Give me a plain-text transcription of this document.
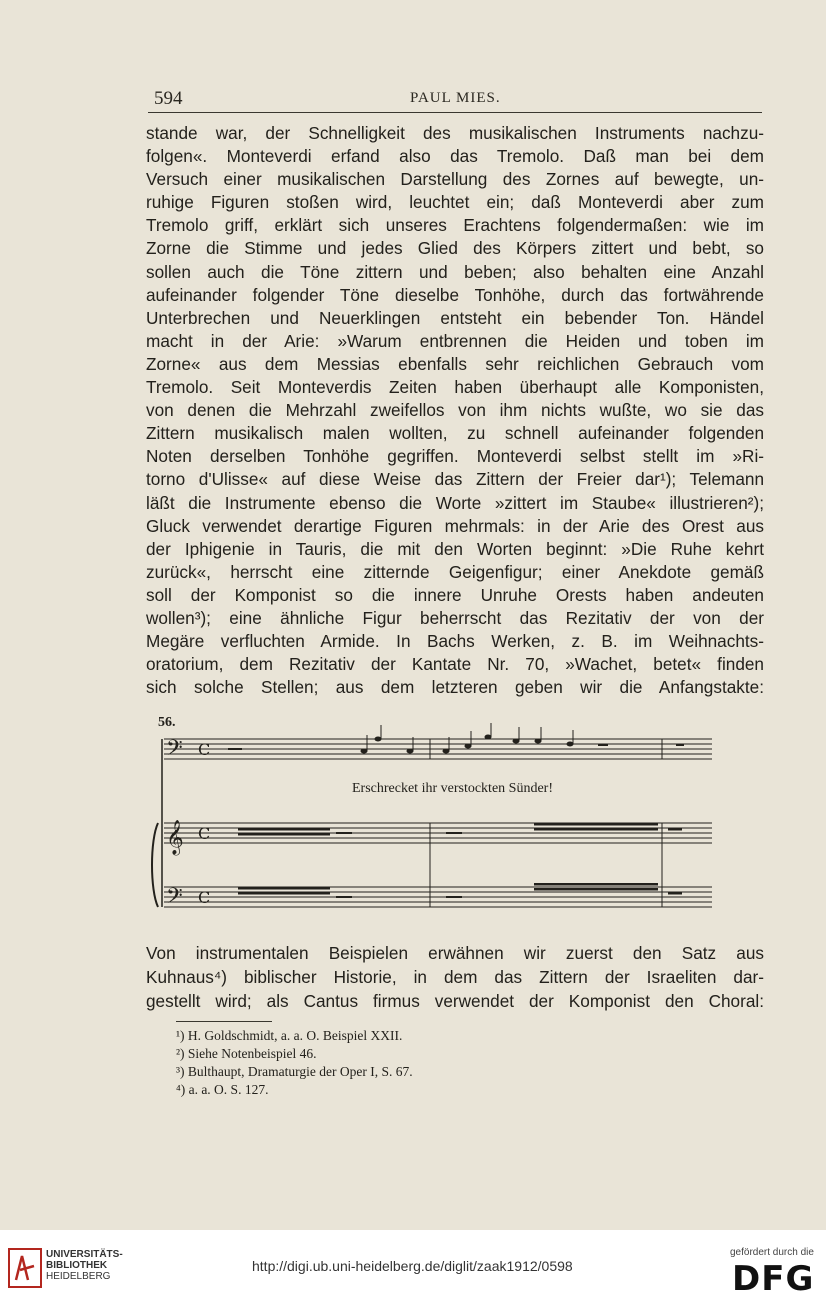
594	PAUL MIES.
stande war, der Schnelligkeit des musikalischen Instruments nachzu-
folgen«. Monteverdi erfand also das Tremolo. Daß man bei dem
Versuch einer musikalischen Darstellung des Zornes auf bewegte, un-
ruhige Figuren stoßen wird, leuchtet ein; daß Monteverdi aber zum
Tremolo griff, erklärt sich unseres Erachtens folgendermaßen: wie im
Zorne die Stimme und jedes Glied des Körpers zittert und bebt, so
sollen auch die Töne zittern und beben; also behalten eine Anzahl
aufeinander folgender Töne dieselbe Tonhöhe, durch das fortwährende
Unterbrechen und Neuerklingen entsteht ein bebender Ton. Händel
macht in der Arie: »Warum entbrennen die Heiden und toben im
Zorne« aus dem Messias ebenfalls sehr reichlichen Gebrauch vom
Tremolo. Seit Monteverdis Zeiten haben überhaupt alle Komponisten,
von denen die Mehrzahl zweifellos von ihm nichts wußte, wo sie das
Zittern musikalisch malen wollten, zu schnell aufeinander folgenden
Noten derselben Tonhöhe gegriffen. Monteverdi selbst stellt im »Ri-
torno d'Ulisse« auf diese Weise das Zittern der Freier dar¹); Telemann
läßt die Instrumente ebenso die Worte »zittert im Staube« illustrieren²);
Gluck verwendet derartige Figuren mehrmals: in der Arie des Orest aus
der Iphigenie in Tauris, die mit den Worten beginnt: »Die Ruhe kehrt
zurück«, herrscht eine zitternde Geigenfigur; einer Anekdote gemäß
soll der Komponist so die innere Unruhe Orests haben andeuten
wollen³); eine ähnliche Figur beherrscht das Rezitativ der von der
Megäre verfluchten Armide. In Bachs Werken, z. B. im Weihnachts-
oratorium, dem Rezitativ der Kantate Nr. 70, »Wachet, betet« finden
sich solche Stellen; aus dem letzteren geben wir die Anfangstakte:
56.
𝄢
𝄞
𝄢
C
C
C
Erschrecket ihr verstockten Sünder!
Von instrumentalen Beispielen erwähnen wir zuerst den Satz aus
Kuhnaus⁴) biblischer Historie, in dem das Zittern der Israeliten dar-
gestellt wird; als Cantus firmus verwendet der Komponist den Choral:
¹) H. Goldschmidt, a. a. O. Beispiel XXII.
²) Siehe Notenbeispiel 46.
³) Bulthaupt, Dramaturgie der Oper I, S. 67.
⁴) a. a. O. S. 127.
UNIVERSITÄTS-
BIBLIOTHEK
HEIDELBERG
http://digi.ub.uni-heidelberg.de/diglit/zaak1912/0598
gefördert durch die
DFG
